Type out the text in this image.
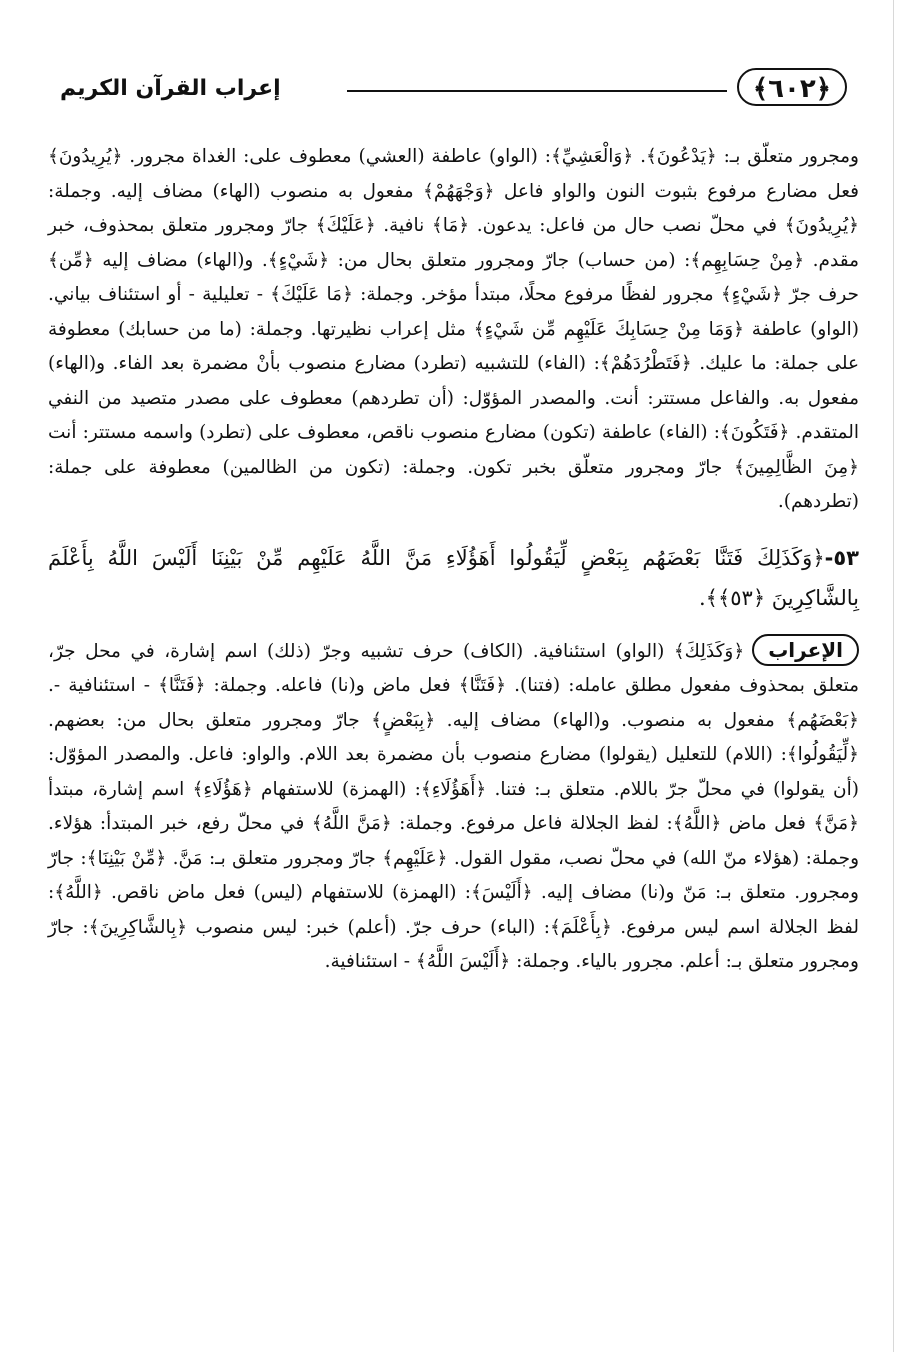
﴿٦٠٢﴾
إعراب القرآن الكريم

ومجرور متعلّق بـ: ﴿يَدْعُونَ﴾. ﴿وَالْعَشِيِّ﴾: (الواو) عاطفة (العشي) معطوف على: الغداة مجرور. ﴿يُرِيدُونَ﴾ فعل مضارع مرفوع بثبوت النون والواو فاعل ﴿وَجْهَهُمْ﴾ مفعول به منصوب (الهاء) مضاف إليه. وجملة: ﴿يُرِيدُونَ﴾ في محلّ نصب حال من فاعل: يدعون. ﴿مَا﴾ نافية. ﴿عَلَيْكَ﴾ جارّ ومجرور متعلق بمحذوف، خبر مقدم. ﴿مِنْ حِسَابِهِم﴾: (من حساب) جارّ ومجرور متعلق بحال من: ﴿شَيْءٍ﴾. و(الهاء) مضاف إليه ﴿مِّن﴾ حرف جرّ ﴿شَيْءٍ﴾ مجرور لفظًا مرفوع محلًا، مبتدأ مؤخر. وجملة: ﴿مَا عَلَيْكَ﴾ - تعليلية - أو استئناف بياني. (الواو) عاطفة ﴿وَمَا مِنْ حِسَابِكَ عَلَيْهِم مِّن شَيْءٍ﴾ مثل إعراب نظيرتها. وجملة: (ما من حسابك) معطوفة على جملة: ما عليك. ﴿فَتَطْرُدَهُمْ﴾: (الفاء) للتشبيه (تطرد) مضارع منصوب بأنْ مضمرة بعد الفاء. و(الهاء) مفعول به. والفاعل مستتر: أنت. والمصدر المؤوّل: (أن تطردهم) معطوف على مصدر متصيد من النفي المتقدم. ﴿فَتَكُونَ﴾: (الفاء) عاطفة (تكون) مضارع منصوب ناقص، معطوف على (تطرد) واسمه مستتر: أنت ﴿مِنَ الظَّالِمِينَ﴾ جارّ ومجرور متعلّق بخبر تكون. وجملة: (تكون من الظالمين) معطوفة على جملة: (تطردهم).

٥٣-﴿وَكَذَلِكَ فَتَنَّا بَعْضَهُم بِبَعْضٍ لِّيَقُولُوا أَهَؤُلَاءِ مَنَّ اللَّهُ عَلَيْهِم مِّنْ بَيْنِنَا أَلَيْسَ اللَّهُ بِأَعْلَمَ بِالشَّاكِرِينَ ﴿٥٣﴾﴾.

الإعراب﴿وَكَذَلِكَ﴾ (الواو) استئنافية. (الكاف) حرف تشبيه وجرّ (ذلك) اسم إشارة، في محل جرّ، متعلق بمحذوف مفعول مطلق عامله: (فتنا). ﴿فَتَنَّا﴾ فعل ماض و(نا) فاعله. وجملة: ﴿فَتَنَّا﴾ - استئنافية -. ﴿بَعْضَهُم﴾ مفعول به منصوب. و(الهاء) مضاف إليه. ﴿بِبَعْضٍ﴾ جارّ ومجرور متعلق بحال من: بعضهم. ﴿لِّيَقُولُوا﴾: (اللام) للتعليل (يقولوا) مضارع منصوب بأن مضمرة بعد اللام. والواو: فاعل. والمصدر المؤوّل: (أن يقولوا) في محلّ جرّ باللام. متعلق بـ: فتنا. ﴿أَهَؤُلَاءِ﴾: (الهمزة) للاستفهام ﴿هَؤُلَاءِ﴾ اسم إشارة، مبتدأ ﴿مَنَّ﴾ فعل ماض ﴿اللَّهُ﴾: لفظ الجلالة فاعل مرفوع. وجملة: ﴿مَنَّ اللَّهُ﴾ في محلّ رفع، خبر المبتدأ: هؤلاء. وجملة: (هؤلاء منّ الله) في محلّ نصب، مقول القول. ﴿عَلَيْهِم﴾ جارّ ومجرور متعلق بـ: مَنَّ. ﴿مِّنْ بَيْنِنَا﴾: جارّ ومجرور. متعلق بـ: مَنّ و(نا) مضاف إليه. ﴿أَلَيْسَ﴾: (الهمزة) للاستفهام (ليس) فعل ماض ناقص. ﴿اللَّهُ﴾: لفظ الجلالة اسم ليس مرفوع. ﴿بِأَعْلَمَ﴾: (الباء) حرف جرّ. (أعلم) خبر: ليس منصوب ﴿بِالشَّاكِرِينَ﴾: جارّ ومجرور متعلق بـ: أعلم. مجرور بالياء. وجملة: ﴿أَلَيْسَ اللَّهُ﴾ - استئنافية.
